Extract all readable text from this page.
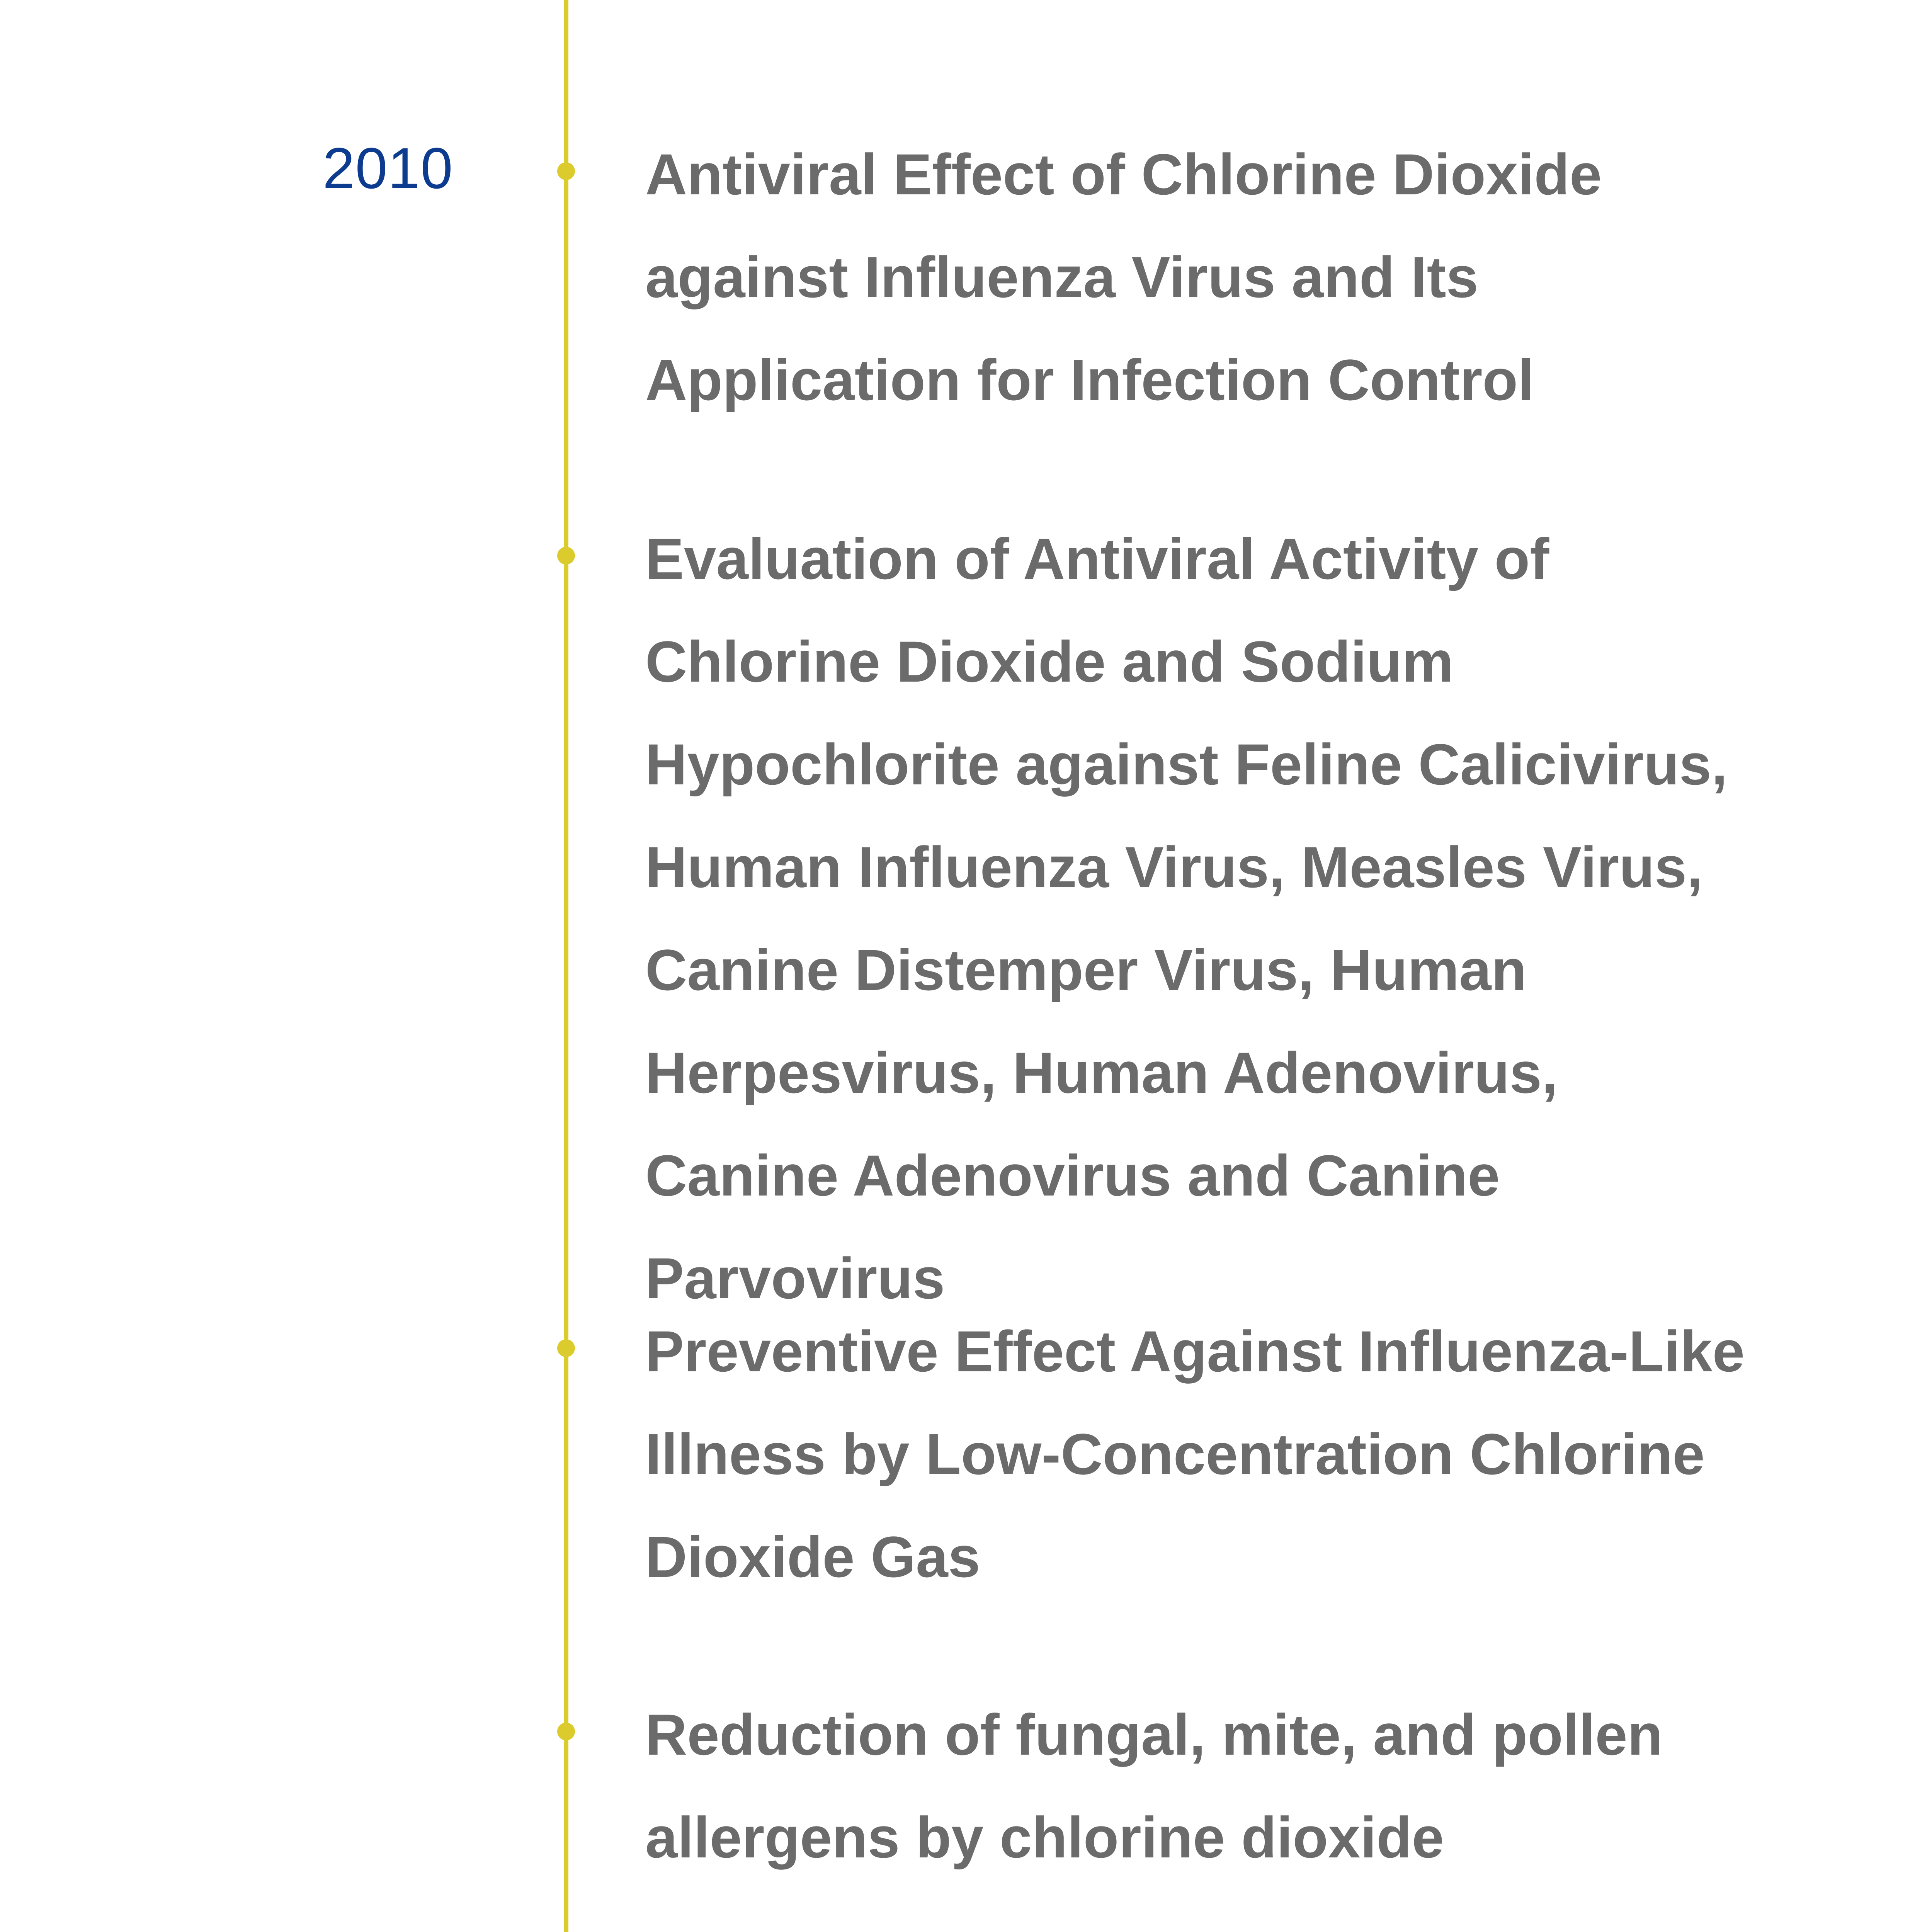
2010	Antiviral Effect of Chlorine Dioxide against Influenza Virus and Its Application for Infection Control
Evaluation of Antiviral Activity of Chlorine Dioxide and Sodium Hypochlorite against Feline Calicivirus, Human Influenza Virus, Measles Virus, Canine Distemper Virus, Human Herpesvirus, Human Adenovirus, Canine Adenovirus and Canine Parvovirus
Preventive Effect Against Influenza-Like Illness by Low-Concentration Chlorine Dioxide Gas
Reduction of fungal, mite, and pollen allergens by chlorine dioxide
